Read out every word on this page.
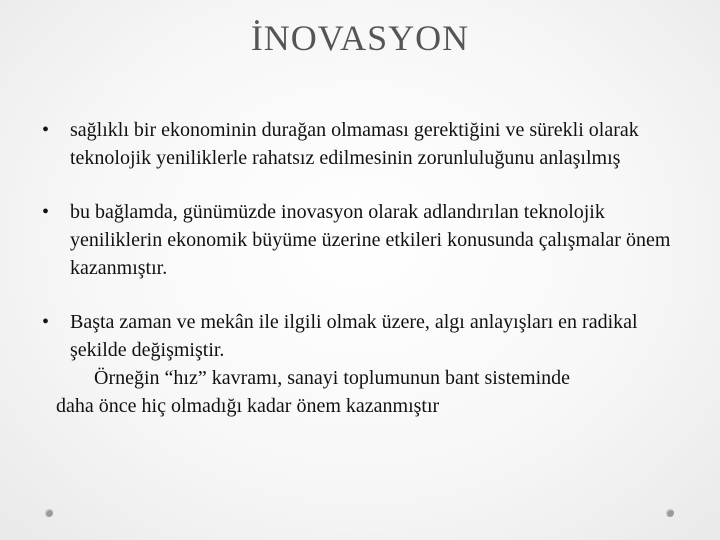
İNOVASYON
• sağlıklı bir ekonominin durağan olmaması gerektiğini ve sürekli olarak teknolojik yeniliklerle rahatsız edilmesinin zorunluluğunu anlaşılmış
• bu bağlamda, günümüzde inovasyon olarak adlandırılan teknolojik yeniliklerin ekonomik büyüme üzerine etkileri konusunda çalışmalar önem kazanmıştır.
• Başta zaman ve mekân ile ilgili olmak üzere, algı anlayışları en radikal şekilde değişmiştir.
Örneğin “hız” kavramı, sanayi toplumunun bant sisteminde
daha önce hiç olmadığı kadar önem kazanmıştır
